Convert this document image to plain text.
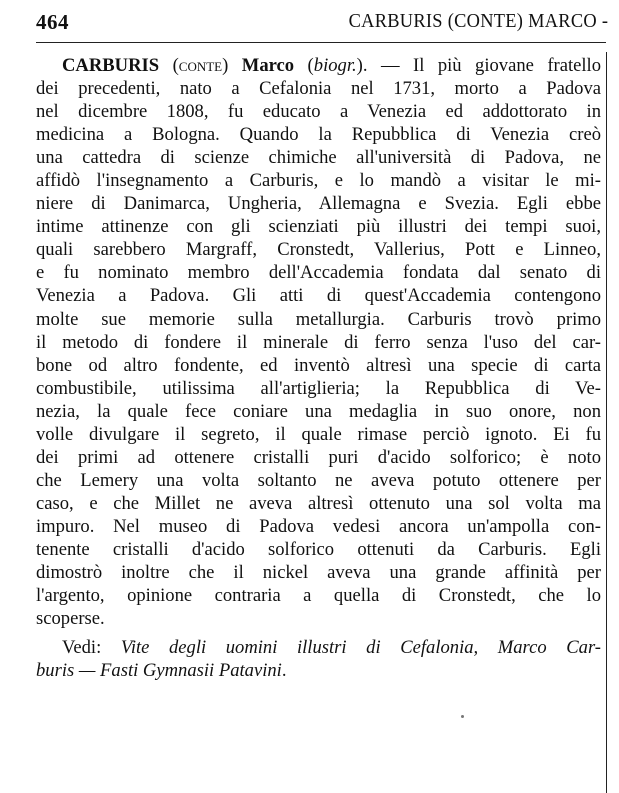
464	CARBURIS (CONTE) MARCO -
CARBURIS (conte) Marco (biogr.). — Il più giovane fratello
dei precedenti, nato a Cefalonia nel 1731, morto a Padova
nel dicembre 1808, fu educato a Venezia ed addottorato in
medicina a Bologna. Quando la Repubblica di Venezia creò
una cattedra di scienze chimiche all'università di Padova, ne
affidò l'insegnamento a Carburis, e lo mandò a visitar le mi-
niere di Danimarca, Ungheria, Allemagna e Svezia. Egli ebbe
intime attinenze con gli scienziati più illustri dei tempi suoi,
quali sarebbero Margraff, Cronstedt, Vallerius, Pott e Linneo,
e fu nominato membro dell'Accademia fondata dal senato di
Venezia a Padova. Gli atti di quest'Accademia contengono
molte sue memorie sulla metallurgia. Carburis trovò primo
il metodo di fondere il minerale di ferro senza l'uso del car-
bone od altro fondente, ed inventò altresì una specie di carta
combustibile, utilissima all'artiglieria; la Repubblica di Ve-
nezia, la quale fece coniare una medaglia in suo onore, non
volle divulgare il segreto, il quale rimase perciò ignoto. Ei fu
dei primi ad ottenere cristalli puri d'acido solforico; è noto
che Lemery una volta soltanto ne aveva potuto ottenere per
caso, e che Millet ne aveva altresì ottenuto una sol volta ma
impuro. Nel museo di Padova vedesi ancora un'ampolla con-
tenente cristalli d'acido solforico ottenuti da Carburis. Egli
dimostrò inoltre che il nickel aveva una grande affinità per
l'argento, opinione contraria a quella di Cronstedt, che lo
scoperse.
Vedi: Vite degli uomini illustri di Cefalonia, Marco Car-
buris — Fasti Gymnasii Patavini.
